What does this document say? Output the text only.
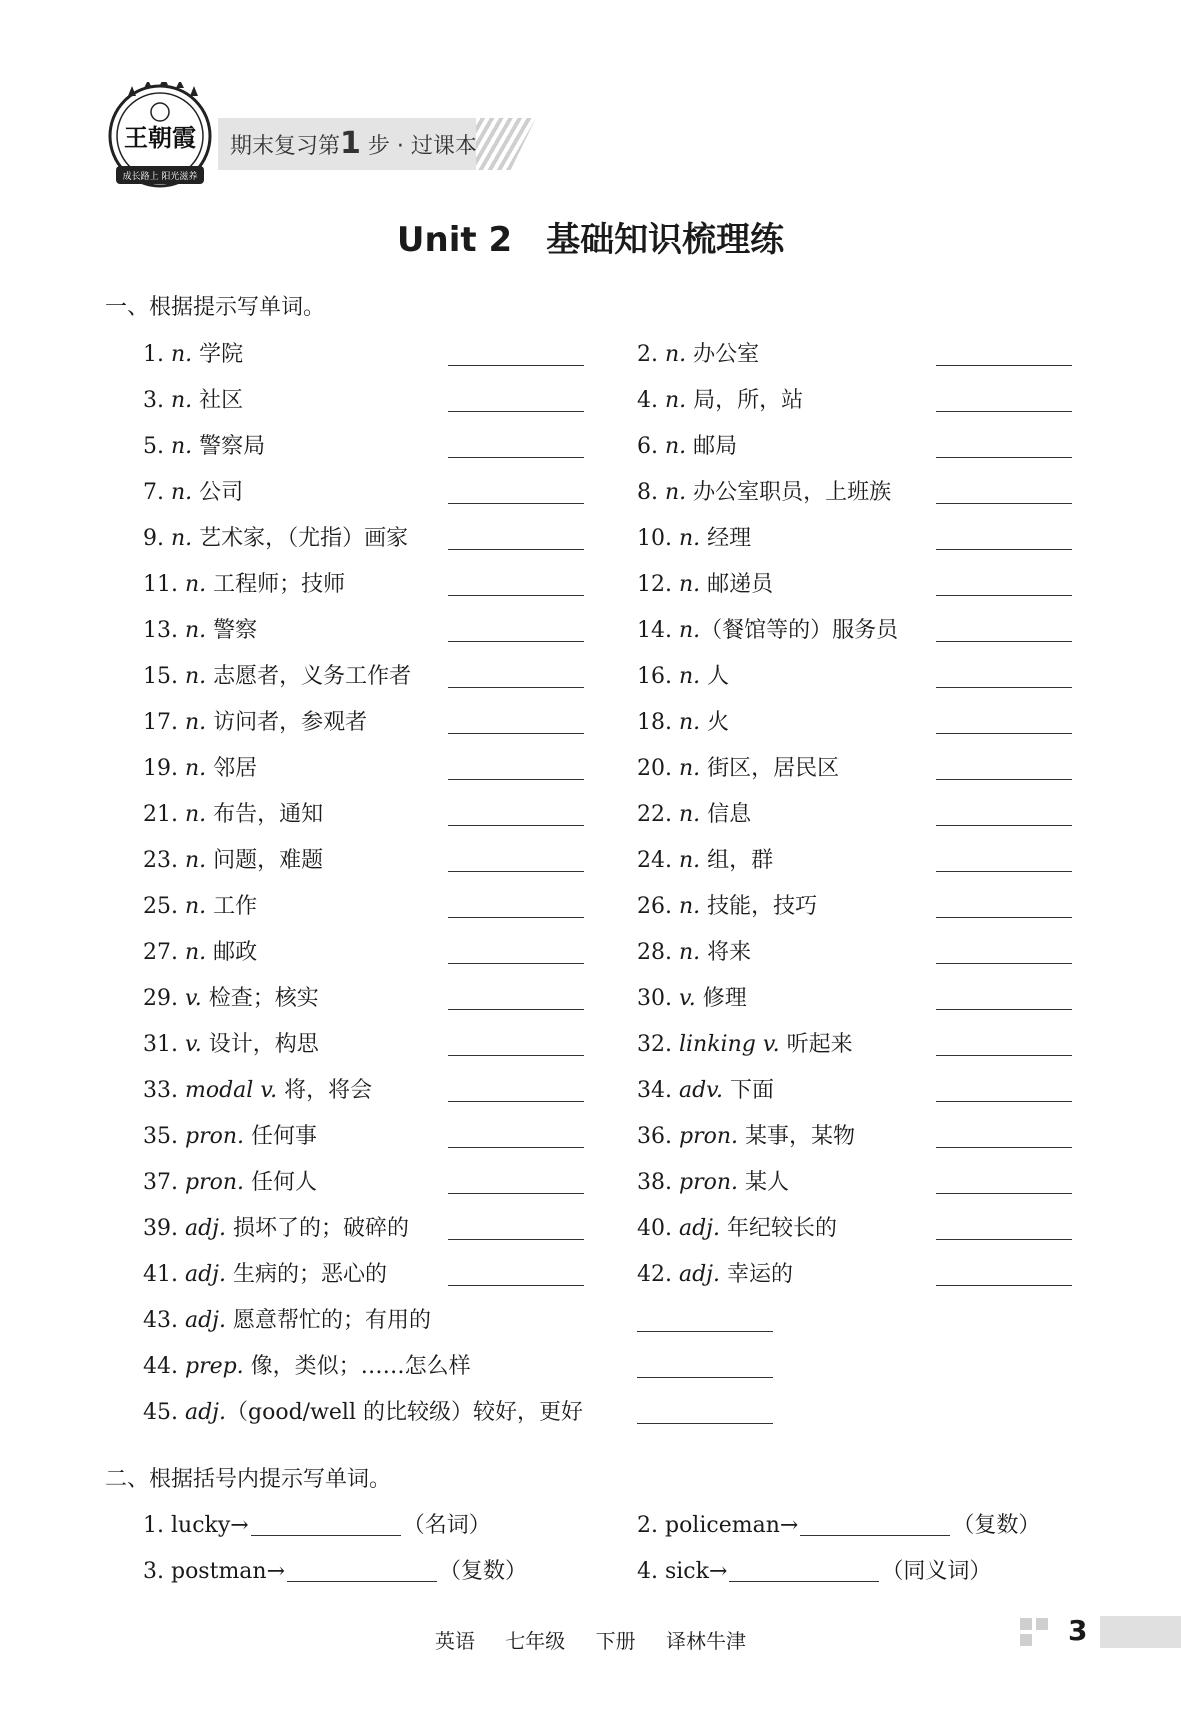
王朝霞
成长路上 阳光滋养
期末复习第1 步 · 过课本
Unit 2　基础知识梳理练
一、根据提示写单词。
1. n. 学院	2. n. 办公室
3. n. 社区	4. n. 局，所，站
5. n. 警察局	6. n. 邮局
7. n. 公司	8. n. 办公室职员，上班族
9. n. 艺术家，（尤指）画家	10. n. 经理
11. n. 工程师；技师	12. n. 邮递员
13. n. 警察	14. n.（餐馆等的）服务员
15. n. 志愿者，义务工作者	16. n. 人
17. n. 访问者，参观者	18. n. 火
19. n. 邻居	20. n. 街区，居民区
21. n. 布告，通知	22. n. 信息
23. n. 问题，难题	24. n. 组，群
25. n. 工作	26. n. 技能，技巧
27. n. 邮政	28. n. 将来
29. v. 检查；核实	30. v. 修理
31. v. 设计，构思	32. linking v. 听起来
33. modal v. 将，将会	34. adv. 下面
35. pron. 任何事	36. pron. 某事，某物
37. pron. 任何人	38. pron. 某人
39. adj. 损坏了的；破碎的	40. adj. 年纪较长的
41. adj. 生病的；恶心的	42. adj. 幸运的
43. adj. 愿意帮忙的；有用的
44. prep. 像，类似；……怎么样
45. adj.（good/well 的比较级）较好，更好
二、根据括号内提示写单词。
1. lucky→	（名词）	2. policeman→	（复数）
3. postman→	（复数）	4. sick→	（同义词）
英语 七年级 下册 译林牛津	3
